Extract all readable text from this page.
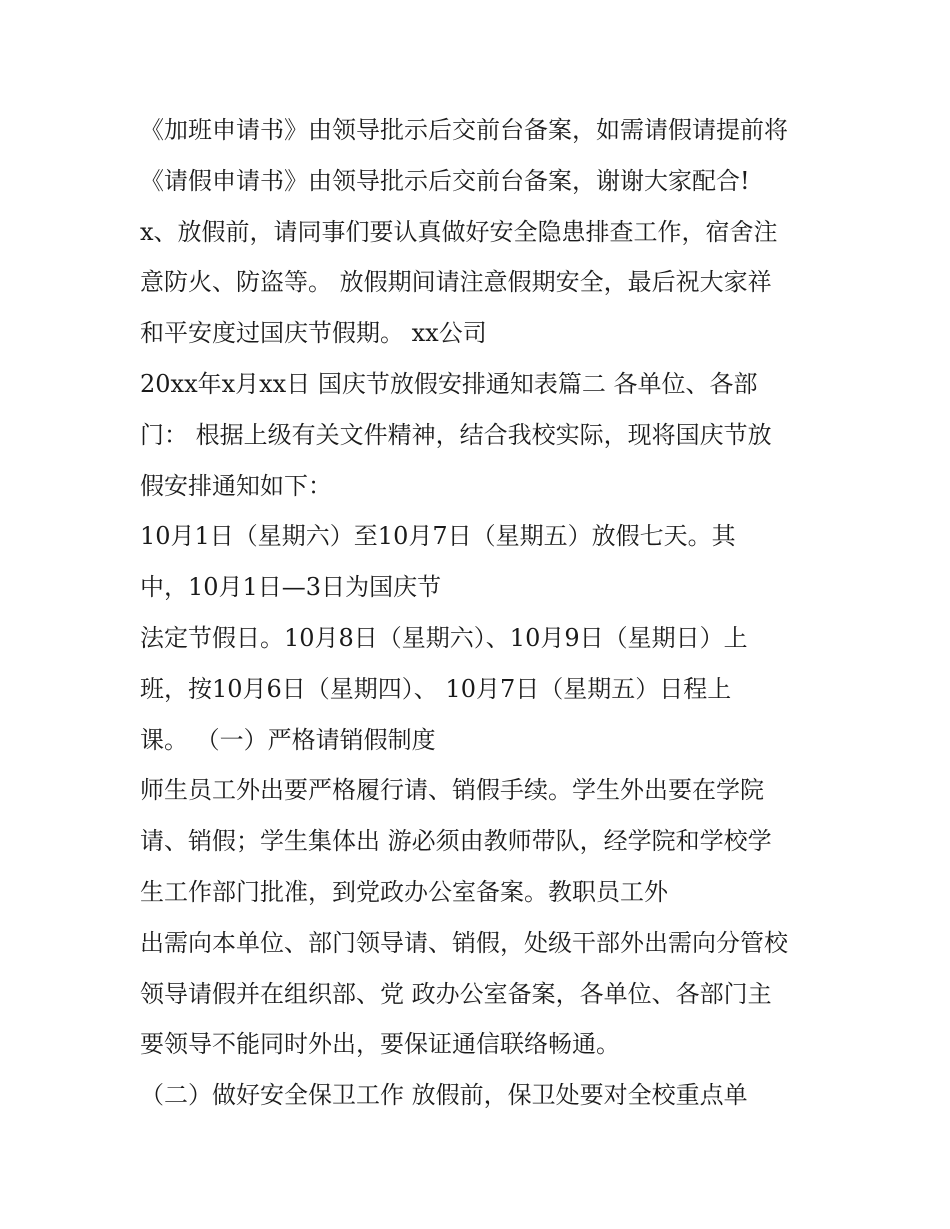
《加班申请书》由领导批示后交前台备案，如需请假请提前将
《请假申请书》由领导批示后交前台备案，谢谢大家配合!
x、放假前，请同事们要认真做好安全隐患排查工作，宿舍注
意防火、防盗等。 放假期间请注意假期安全，最后祝大家祥
和平安度过国庆节假期。 xx公司
20xx年x月xx日 国庆节放假安排通知表篇二 各单位、各部
门： 根据上级有关文件精神，结合我校实际，现将国庆节放
假安排通知如下：
10月1日（星期六）至10月7日（星期五）放假七天。其
中，10月1日—3日为国庆节
法定节假日。10月8日（星期六）、10月9日（星期日）上
班，按10月6日（星期四）、 10月7日（星期五）日程上
课。 （一）严格请销假制度
师生员工外出要严格履行请、销假手续。学生外出要在学院
请、销假；学生集体出 游必须由教师带队，经学院和学校学
生工作部门批准，到党政办公室备案。教职员工外
出需向本单位、部门领导请、销假，处级干部外出需向分管校
领导请假并在组织部、党 政办公室备案，各单位、各部门主
要领导不能同时外出，要保证通信联络畅通。
（二）做好安全保卫工作 放假前，保卫处要对全校重点单
